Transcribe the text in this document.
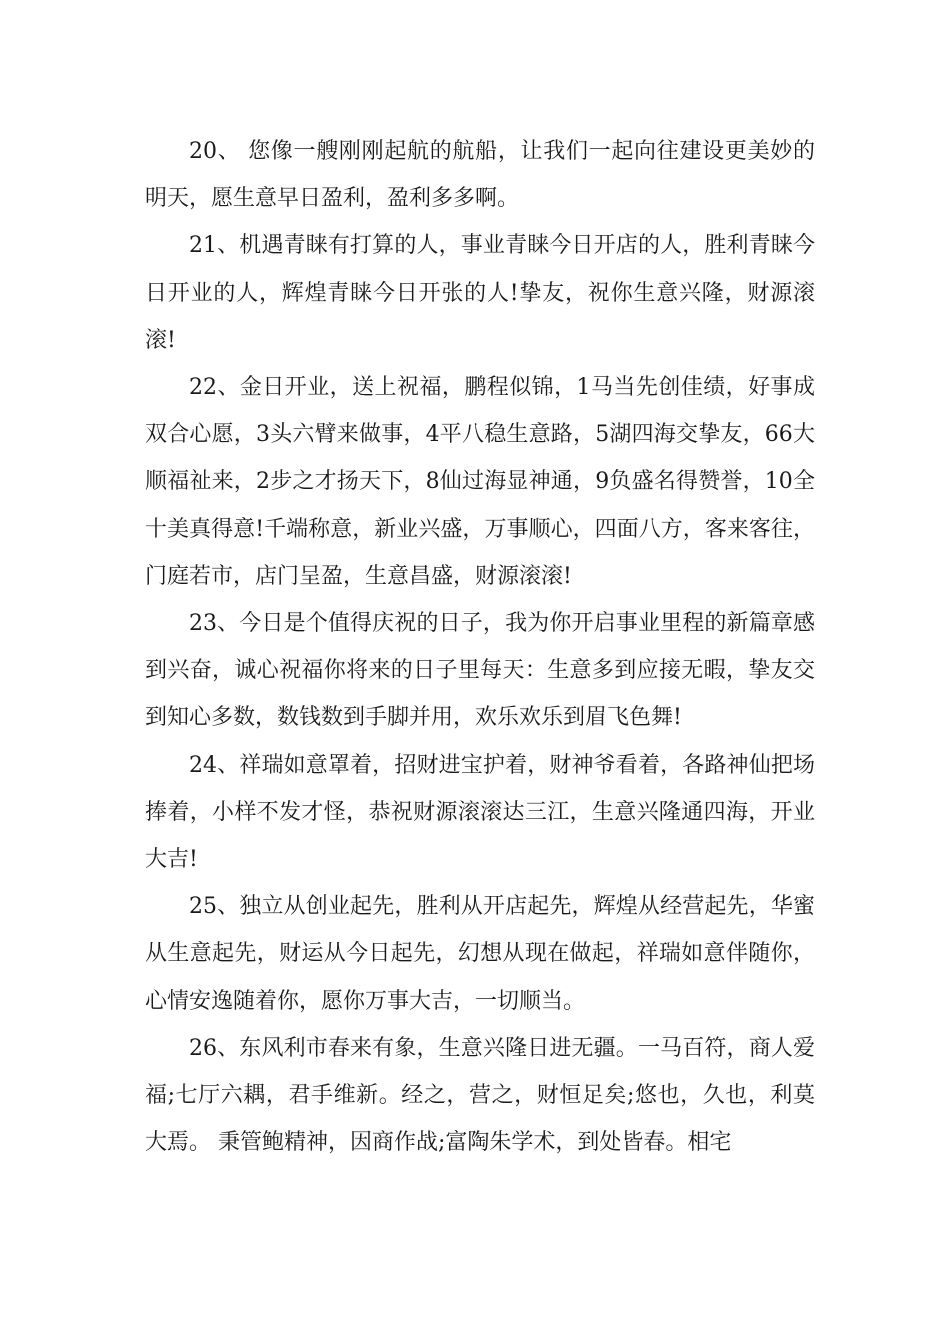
20、 您像一艘刚刚起航的航船，让我们一起向往建设更美妙的明天，愿生意早日盈利，盈利多多啊。

21、机遇青睐有打算的人，事业青睐今日开店的人，胜利青睐今日开业的人，辉煌青睐今日开张的人!挚友，祝你生意兴隆，财源滚滚!

22、金日开业，送上祝福，鹏程似锦，1马当先创佳绩，好事成双合心愿，3头六臂来做事，4平八稳生意路，5湖四海交挚友，66大顺福祉来，2步之才扬天下，8仙过海显神通，9负盛名得赞誉，10全十美真得意!千端称意，新业兴盛，万事顺心，四面八方，客来客往，门庭若市，店门呈盈，生意昌盛，财源滚滚!

23、今日是个值得庆祝的日子，我为你开启事业里程的新篇章感到兴奋，诚心祝福你将来的日子里每天：生意多到应接无暇，挚友交到知心多数，数钱数到手脚并用，欢乐欢乐到眉飞色舞!

24、祥瑞如意罩着，招财进宝护着，财神爷看着，各路神仙把场捧着，小样不发才怪，恭祝财源滚滚达三江，生意兴隆通四海，开业大吉!

25、独立从创业起先，胜利从开店起先，辉煌从经营起先，华蜜从生意起先，财运从今日起先，幻想从现在做起，祥瑞如意伴随你，心情安逸随着你，愿你万事大吉，一切顺当。

26、东风利市春来有象，生意兴隆日进无疆。一马百符，商人爱福;七厅六耦，君手维新。经之，营之，财恒足矣;悠也，久也，利莫大焉。 秉管鲍精神，因商作战;富陶朱学术，到处皆春。相宅
